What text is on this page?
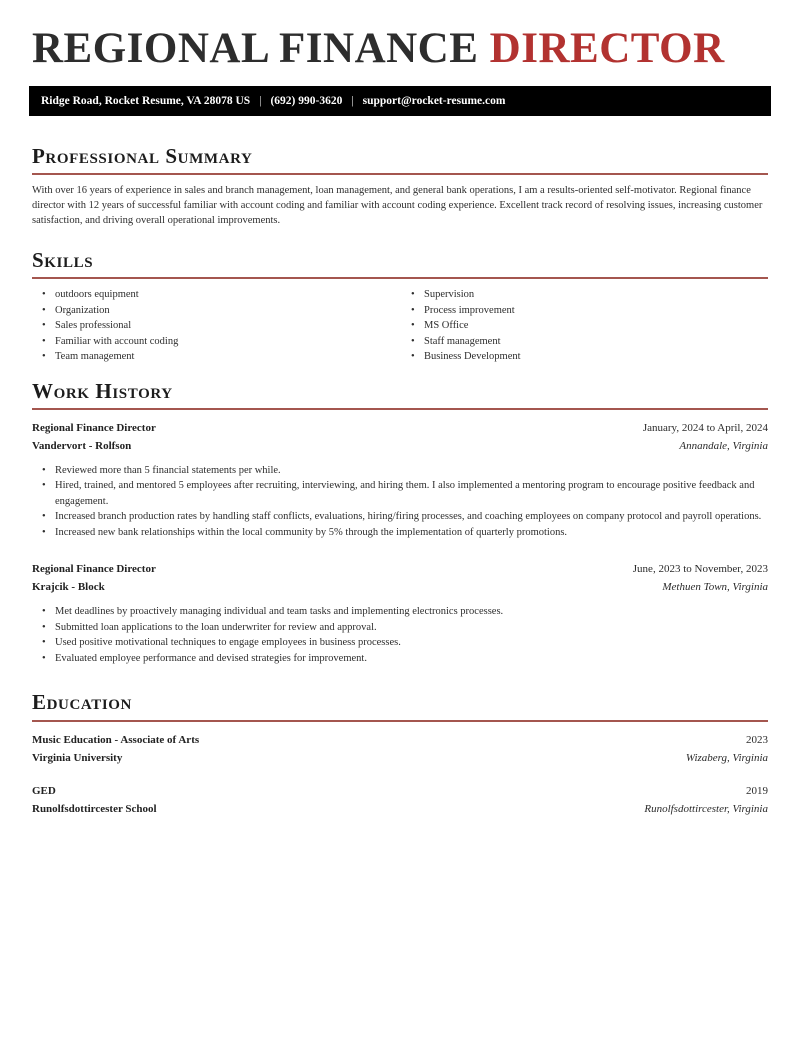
REGIONAL FINANCE DIRECTOR
Ridge Road, Rocket Resume, VA 28078 US | (692) 990-3620 | support@rocket-resume.com
Professional Summary

With over 16 years of experience in sales and branch management, loan management, and general bank operations, I am a results-oriented self-motivator. Regional finance director with 12 years of successful familiar with account coding and familiar with account coding experience. Excellent track record of resolving issues, increasing customer satisfaction, and driving overall operational improvements.

Skills
• outdoors equipment
• Organization
• Sales professional
• Familiar with account coding
• Team management
• Supervision
• Process improvement
• MS Office
• Staff management
• Business Development
Work History
Regional Finance Director	January, 2024 to April, 2024
Vandervort - Rolfson	Annandale, Virginia
• Reviewed more than 5 financial statements per while.
• Hired, trained, and mentored 5 employees after recruiting, interviewing, and hiring them. I also implemented a mentoring program to encourage positive feedback and engagement.
• Increased branch production rates by handling staff conflicts, evaluations, hiring/firing processes, and coaching employees on company protocol and payroll operations.
• Increased new bank relationships within the local community by 5% through the implementation of quarterly promotions.
Regional Finance Director	June, 2023 to November, 2023
Krajcik - Block	Methuen Town, Virginia
• Met deadlines by proactively managing individual and team tasks and implementing electronics processes.
• Submitted loan applications to the loan underwriter for review and approval.
• Used positive motivational techniques to engage employees in business processes.
• Evaluated employee performance and devised strategies for improvement.
Education
Music Education - Associate of Arts	2023
Virginia University	Wizaberg, Virginia
GED	2019
Runolfsdottircester School	Runolfsdottircester, Virginia
